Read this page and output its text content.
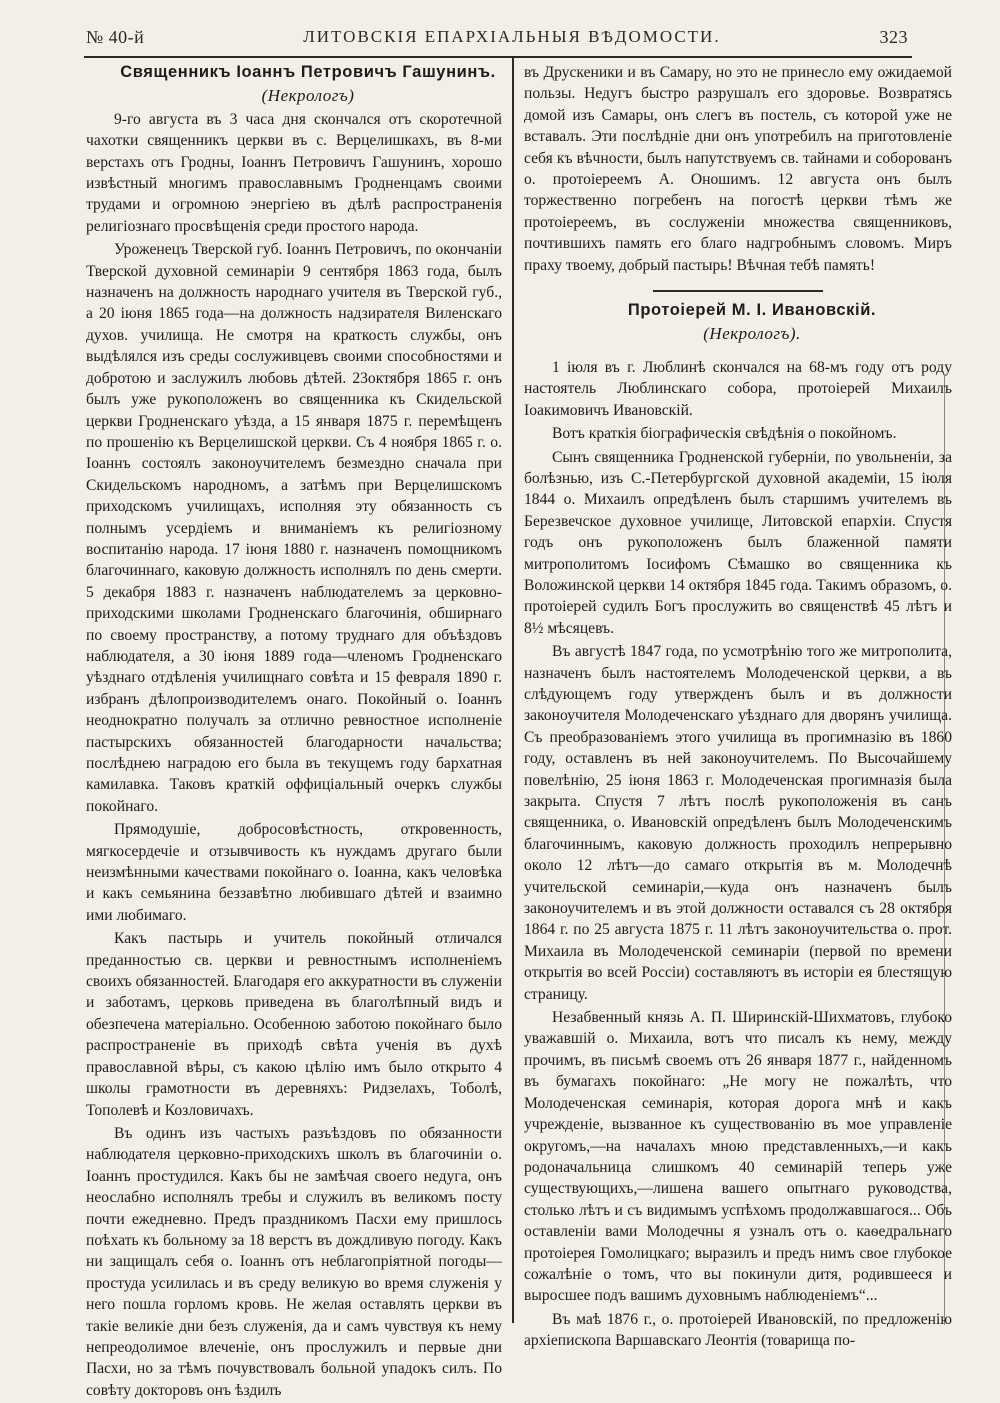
№ 40-й	ЛИТОВСКІЯ ЕПАРХІАЛЬНЫЯ ВѢДОМОСТИ.	323

Священникъ Іоаннъ Петровичъ Гашунинъ.

(Некрологъ)

9-го августа въ 3 часа дня скончался отъ скоротечной чахотки священникъ церкви въ с. Верцелишкахъ, въ 8-ми верстахъ отъ Гродны, Іоаннъ Петровичъ Гашунинъ, хорошо извѣстный многимъ православнымъ Гродненцамъ своими трудами и огромною энергіею въ дѣлѣ распространенія религіознаго просвѣщенія среди простого народа.

Уроженецъ Тверской губ. Іоаннъ Петровичъ, по окончаніи Тверской духовной семинаріи 9 сентября 1863 года, былъ назначенъ на должность народнаго учителя въ Тверской губ., а 20 іюня 1865 года—на должность надзирателя Виленскаго духов. училища. Не смотря на краткость службы, онъ выдѣлялся изъ среды сослуживцевъ своими способностями и добротою и заслужилъ любовь дѣтей. 23октября 1865 г. онъ былъ уже рукоположенъ во священника къ Скидельской церкви Гродненскаго уѣзда, а 15 января 1875 г. перемѣщенъ по прошенію къ Верцелишской церкви. Съ 4 ноября 1865 г. о. Іоаннъ состоялъ законоучителемъ безмездно сначала при Скидельскомъ народномъ, а затѣмъ при Верцелишскомъ приходскомъ училищахъ, исполняя эту обязанность съ полнымъ усердіемъ и вниманіемъ къ религіозному воспитанію народа. 17 іюня 1880 г. назначенъ помощникомъ благочиннаго, каковую должность исполнялъ по день смерти. 5 декабря 1883 г. назначенъ наблюдателемъ за церковно-приходскими школами Гродненскаго благочинія, обширнаго по своему пространству, а потому труднаго для объѣздовъ наблюдателя, а 30 іюня 1889 года—членомъ Гродненскаго уѣзднаго отдѣленія училищнаго совѣта и 15 февраля 1890 г. избранъ дѣлопроизводителемъ онаго. Покойный о. Іоаннъ неоднократно получалъ за отлично ревностное исполненіе пастырскихъ обязанностей благодарности начальства; послѣднею наградою его была въ текущемъ году бархатная камилавка. Таковъ краткій оффиціальный очеркъ службы покойнаго.

Прямодушіе, добросовѣстность, откровенность, мягкосердечіе и отзывчивость къ нуждамъ другаго были неизмѣнными качествами покойнаго о. Іоанна, какъ человѣка и какъ семьянина беззавѣтно любившаго дѣтей и взаимно ими любимаго.

Какъ пастырь и учитель покойный отличался преданностью св. церкви и ревностнымъ исполненіемъ своихъ обязанностей. Благодаря его аккуратности въ служеніи и заботамъ, церковь приведена въ благолѣпный видъ и обезпечена матеріально. Особенною заботою покойнаго было распространеніе въ приходѣ свѣта ученія въ духѣ православной вѣры, съ какою цѣлію имъ было открыто 4 школы грамотности въ деревняхъ: Ридзелахъ, Тоболѣ, Тополевѣ и Козловичахъ.

Въ одинъ изъ частыхъ разъѣздовъ по обязанности наблюдателя церковно-приходскихъ школъ въ благочиніи о. Іоаннъ простудился. Какъ бы не замѣчая своего недуга, онъ неослабно исполнялъ требы и служилъ въ великомъ посту почти ежедневно. Предъ праздникомъ Пасхи ему пришлось поѣхать къ больному за 18 верстъ въ дождливую погоду. Какъ ни защищалъ себя о. Іоаннъ отъ неблагопріятной погоды—простуда усилилась и въ среду великую во время служенія у него пошла горломъ кровь. Не желая оставлять церкви въ такіе великіе дни безъ служенія, да и самъ чувствуя къ нему непреодолимое влеченіе, онъ прослужилъ и первые дни Пасхи, но за тѣмъ почувствовалъ больной упадокъ силъ. По совѣту докторовъ онъ ѣздилъ

въ Друскеники и въ Самару, но это не принесло ему ожидаемой пользы. Недугъ быстро разрушалъ его здоровье. Возвратясь домой изъ Самары, онъ слегъ въ постель, съ которой уже не вставалъ. Эти послѣдніе дни онъ употребилъ на приготовленіе себя къ вѣчности, былъ напутствуемъ св. тайнами и соборованъ о. протоіереемъ А. Оношимъ. 12 августа онъ былъ торжественно погребенъ на погостѣ церкви тѣмъ же протоіереемъ, въ сослуженіи множества священниковъ, почтившихъ память его благо надгробнымъ словомъ. Миръ праху твоему, добрый пастырь! Вѣчная тебѣ память!

Протоіерей М. І. Ивановскій.

(Некрологъ).

1 іюля въ г. Люблинѣ скончался на 68-мъ году отъ роду настоятель Люблинскаго собора, протоіерей Михаилъ Іоакимовичъ Ивановскій.

Вотъ краткія біографическія свѣдѣнія о покойномъ.

Сынъ священника Гродненской губерніи, по увольненіи, за болѣзнью, изъ С.-Петербургской духовной академіи, 15 іюля 1844 о. Михаилъ опредѣленъ былъ старшимъ учителемъ въ Березвечское духовное училище, Литовской епархіи. Спустя годъ онъ рукоположенъ былъ блаженной памяти митрополитомъ Іосифомъ Сѣмашко во священника къ Воложинской церкви 14 октября 1845 года. Такимъ образомъ, о. протоіерей судилъ Богъ прослужить во священствѣ 45 лѣтъ и 8½ мѣсяцевъ.

Въ августѣ 1847 года, по усмотрѣнію того же митрополита, назначенъ былъ настоятелемъ Молодеченской церкви, а въ слѣдующемъ году утвержденъ былъ и въ должности законоучителя Молодеченскаго уѣзднаго для дворянъ училища. Съ преобразованіемъ этого училища въ прогимназію въ 1860 году, оставленъ въ ней законоучителемъ. По Высочайшему повелѣнію, 25 іюня 1863 г. Молодеченская прогимназія была закрыта. Спустя 7 лѣтъ послѣ рукоположенія въ санъ священника, о. Ивановскій опредѣленъ былъ Молодеченскимъ благочиннымъ, каковую должность проходилъ непрерывно около 12 лѣтъ—до самаго открытія въ м. Молодечнѣ учительской семинаріи,—куда онъ назначенъ былъ законоучителемъ и въ этой должности оставался съ 28 октября 1864 г. по 25 августа 1875 г. 11 лѣтъ законоучительства о. прот. Михаила въ Молодеченской семинаріи (первой по времени открытія во всей Россіи) составляютъ въ исторіи ея блестящую страницу.

Незабвенный князь А. П. Ширинскій-Шихматовъ, глубоко уважавшій о. Михаила, вотъ что писалъ къ нему, между прочимъ, въ письмѣ своемъ отъ 26 января 1877 г., найденномъ въ бумагахъ покойнаго: „Не могу не пожалѣть, что Молодеченская семинарія, которая дорога мнѣ и какъ учрежденіе, вызванное къ существованію въ мое управленіе округомъ,—на началахъ мною представленныхъ,—и какъ родоначальница слишкомъ 40 семинарій теперь уже существующихъ,—лишена вашего опытнаго руководства, столько лѣтъ и съ видимымъ успѣхомъ продолжавшагося... Объ оставленіи вами Молодечны я узналъ отъ о. каѳедральнаго протоіерея Гомолицкаго; выразилъ и предъ нимъ свое глубокое сожалѣніе о томъ, что вы покинули дитя, родившееся и выросшее подъ вашимъ духовнымъ наблюденіемъ“...

Въ маѣ 1876 г., о. протоіерей Ивановскій, по предложенію архіепископа Варшавскаго Леонтія (товарища по-
